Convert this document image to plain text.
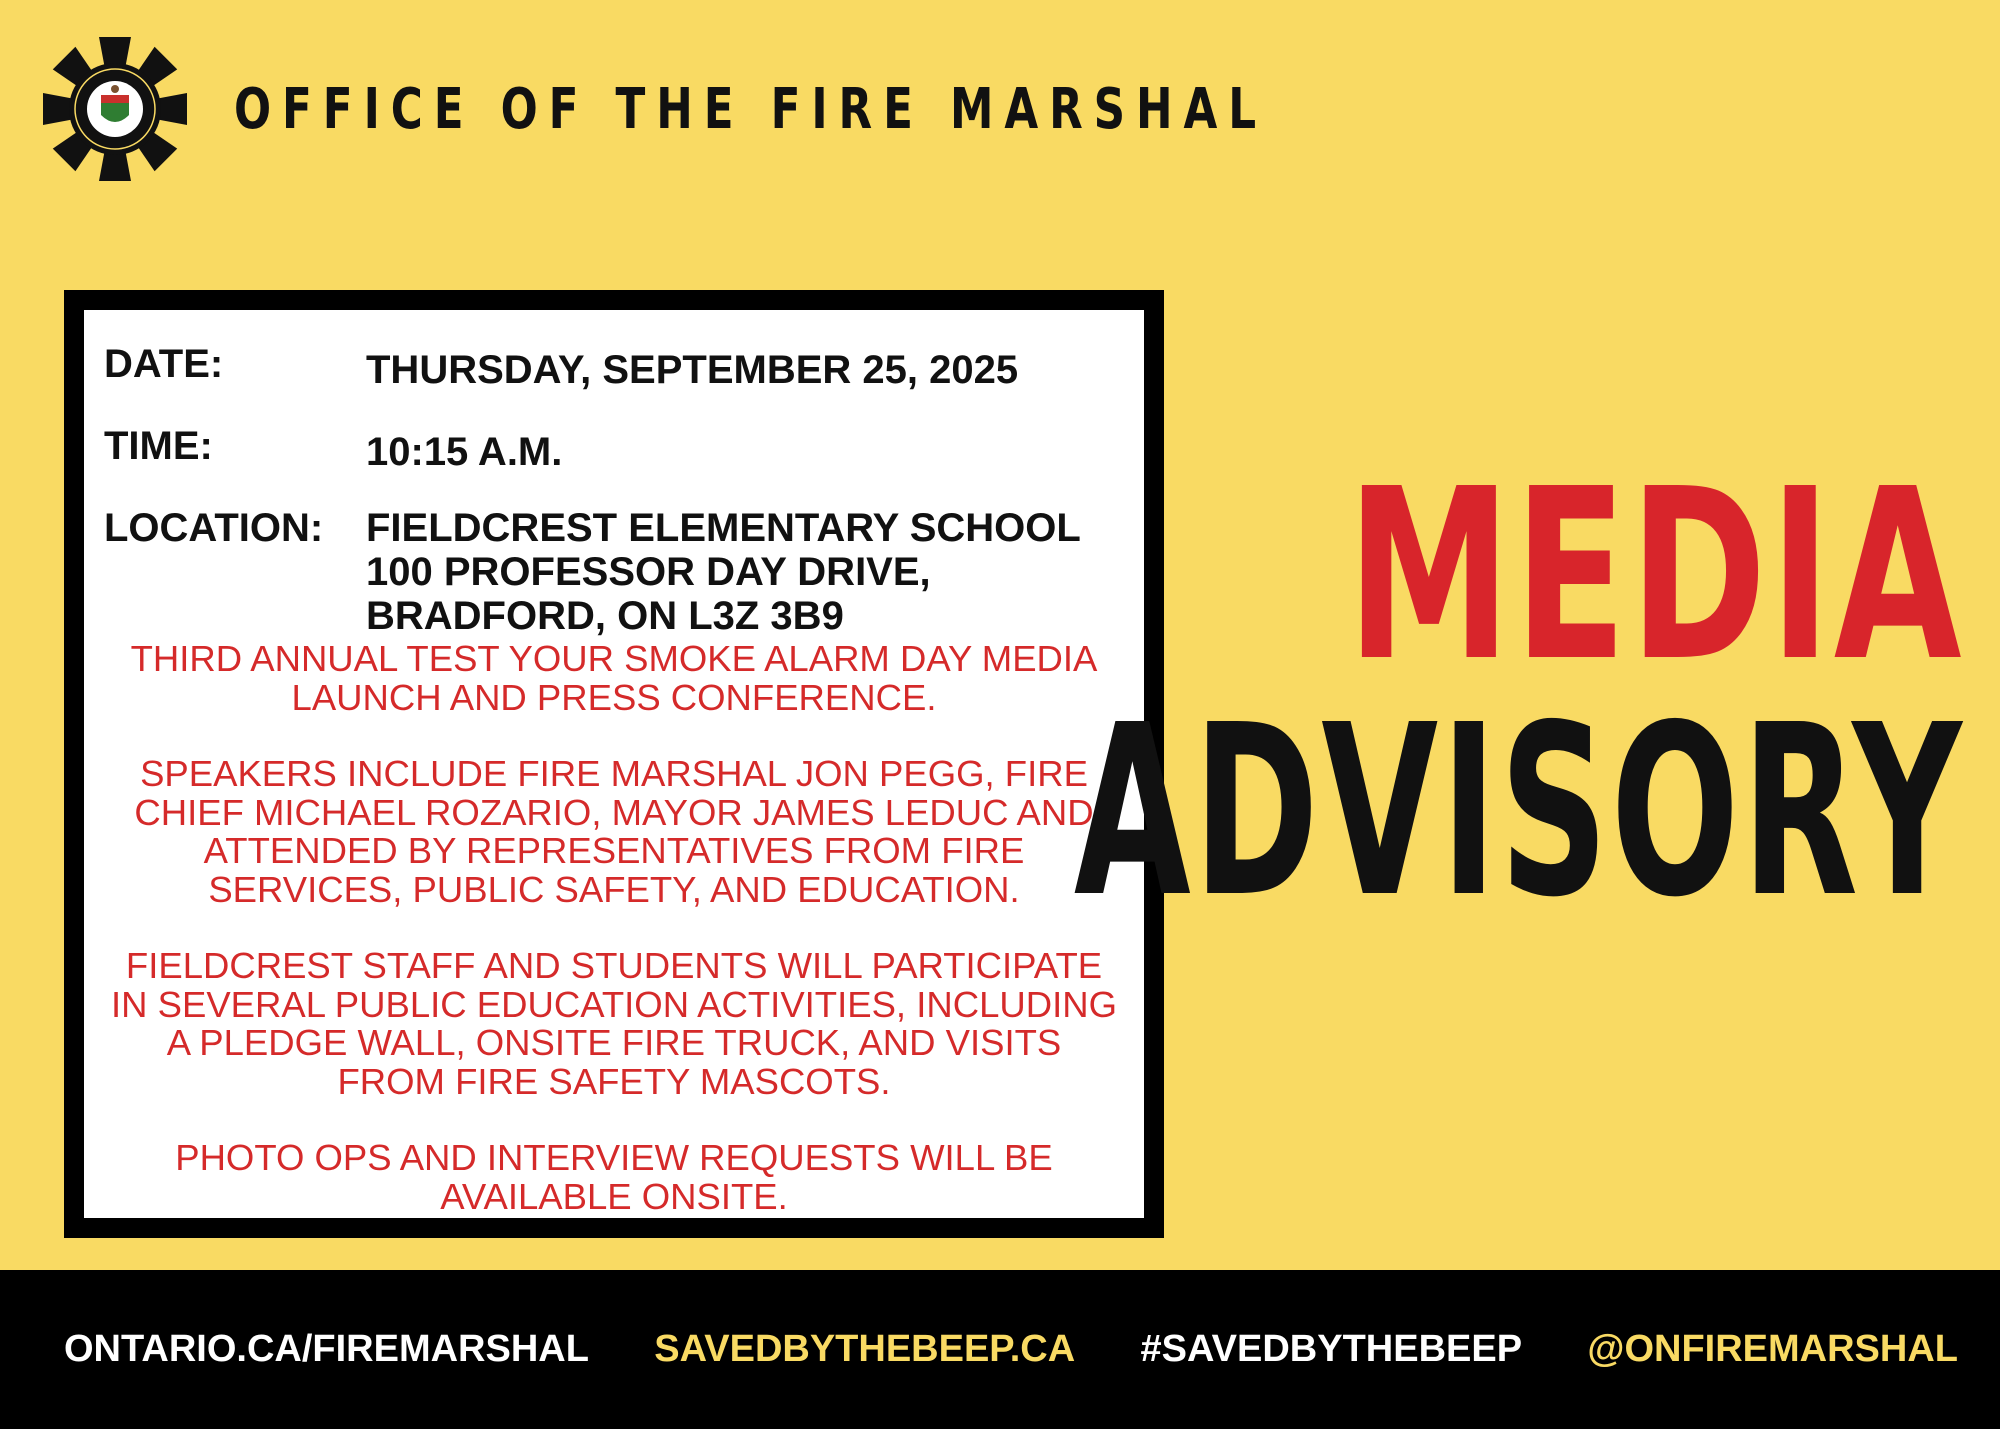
OFFICE OF THE FIRE MARSHAL
DATE:	THURSDAY, SEPTEMBER 25, 2025
TIME:	10:15 A.M.
LOCATION:	FIELDCREST ELEMENTARY SCHOOL
100 PROFESSOR DAY DRIVE,
BRADFORD, ON L3Z 3B9

THIRD ANNUAL TEST YOUR SMOKE ALARM DAY MEDIA LAUNCH AND PRESS CONFERENCE.

SPEAKERS INCLUDE FIRE MARSHAL JON PEGG, FIRE CHIEF MICHAEL ROZARIO, MAYOR JAMES LEDUC AND ATTENDED BY REPRESENTATIVES FROM FIRE SERVICES, PUBLIC SAFETY, AND EDUCATION.

FIELDCREST STAFF AND STUDENTS WILL PARTICIPATE IN SEVERAL PUBLIC EDUCATION ACTIVITIES, INCLUDING A PLEDGE WALL, ONSITE FIRE TRUCK, AND VISITS FROM FIRE SAFETY MASCOTS.

PHOTO OPS AND INTERVIEW REQUESTS WILL BE AVAILABLE ONSITE.

MEDIA
ADVISORY
ONTARIO.CA/FIREMARSHAL SAVEDBYTHEBEEP.CA #SAVEDBYTHEBEEP @ONFIREMARSHAL
